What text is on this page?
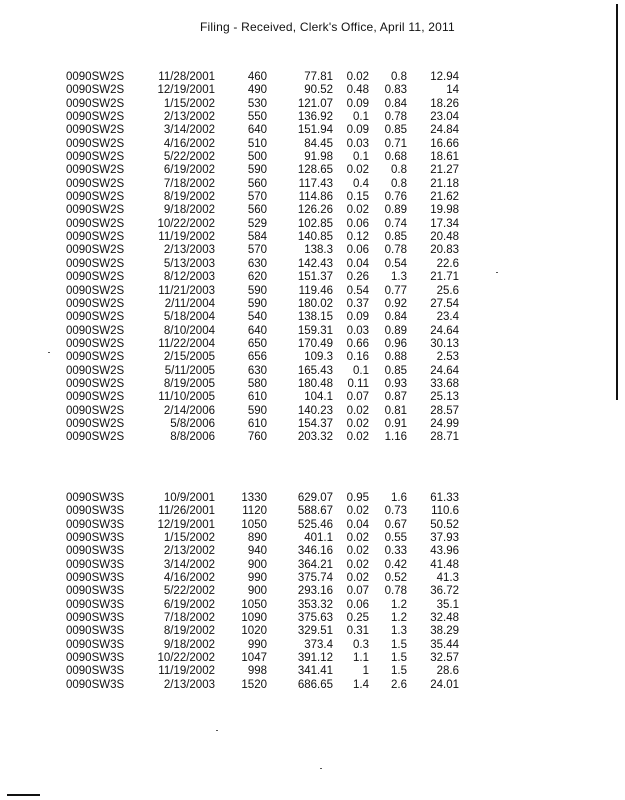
Filing - Received, Clerk's Office, April 11, 2011
0090SW2S	11/28/2001	460	77.81 0.02 0.8 12.94
0090SW2S	12/19/2001	490	90.52 0.48 0.83	14
0090SW2S	1/15/2002	530	121.07 0.09 0.84 18.26
0090SW2S	2/13/2002	550	136.92 0.1 0.78 23.04
0090SW2S	3/14/2002	640	151.94 0.09 0.85 24.84
0090SW2S	4/16/2002	510	84.45 0.03 0.71 16.66
0090SW2S	5/22/2002	500	91.98 0.1 0.68 18.61
0090SW2S	6/19/2002	590	128.65 0.02 0.8 21.27
0090SW2S	7/18/2002	560	117.43 0.4 0.8 21.18
0090SW2S	8/19/2002	570	114.86 0.15 0.76 21.62
0090SW2S	9/18/2002	560	126.26 0.02 0.89 19.98
0090SW2S	10/22/2002	529	102.85 0.06 0.74 17.34
0090SW2S	11/19/2002	584	140.85 0.12 0.85 20.48
0090SW2S	2/13/2003	570	138.3 0.06 0.78 20.83
0090SW2S	5/13/2003	630	142.43 0.04 0.54	22.6
0090SW2S	8/12/2003	620	151.37 0.26 1.3 21.71
0090SW2S	11/21/2003	590	119.46 0.54 0.77	25.6
0090SW2S	2/11/2004	590	180.02 0.37 0.92 27.54
0090SW2S	5/18/2004	540	138.15 0.09 0.84	23.4
0090SW2S	8/10/2004	640	159.31 0.03 0.89 24.64
0090SW2S	11/22/2004	650	170.49 0.66 0.96 30.13
0090SW2S	2/15/2005	656	109.3 0.16 0.88	2.53
0090SW2S	5/11/2005	630	165.43 0.1 0.85 24.64
0090SW2S	8/19/2005	580	180.48 0.11 0.93 33.68
0090SW2S	11/10/2005	610	104.1 0.07 0.87 25.13
0090SW2S	2/14/2006	590	140.23 0.02 0.81 28.57
0090SW2S	5/8/2006	610	154.37 0.02 0.91 24.99
0090SW2S	8/8/2006	760	203.32 0.02 1.16 28.71
0090SW3S	10/9/2001 1330	629.07 0.95 1.6 61.33
0090SW3S	11/26/2001 1120	588.67 0.02 0.73 110.6
0090SW3S	12/19/2001 1050	525.46 0.04 0.67 50.52
0090SW3S	1/15/2002	890	401.1 0.02 0.55 37.93
0090SW3S	2/13/2002	940	346.16 0.02 0.33 43.96
0090SW3S	3/14/2002	900	364.21 0.02 0.42 41.48
0090SW3S	4/16/2002	990	375.74 0.02 0.52	41.3
0090SW3S	5/22/2002	900	293.16 0.07 0.78 36.72
0090SW3S	6/19/2002 1050	353.32 0.06 1.2	35.1
0090SW3S	7/18/2002 1090	375.63 0.25 1.2 32.48
0090SW3S	8/19/2002 1020	329.51 0.31 1.3 38.29
0090SW3S	9/18/2002	990	373.4 0.3 1.5 35.44
0090SW3S	10/22/2002 1047	391.12 1.1 1.5 32.57
0090SW3S	11/19/2002	998	341.41	1 1.5	28.6
0090SW3S	2/13/2003 1520	686.65 1.4 2.6 24.01
